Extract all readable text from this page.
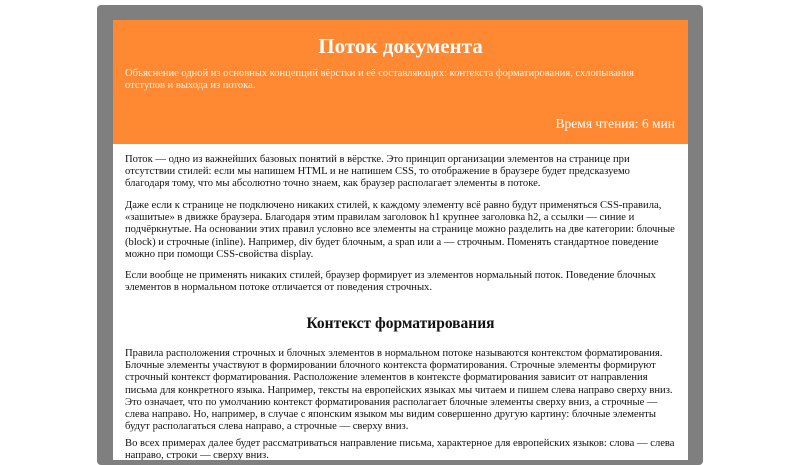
Поток документа

Объяснение одной из основных концепций вёрстки и её составляющих: контекста форматирования, схлопывания отступов и выхода из потока.

Время чтения: 6 мин

Поток — одно из важнейших базовых понятий в вёрстке. Это принцип организации элементов на странице при отсутствии стилей: если мы напишем HTML и не напишем CSS, то отображение в браузере будет предсказуемо благодаря тому, что мы абсолютно точно знаем, как браузер располагает элементы в потоке.

Даже если к странице не подключено никаких стилей, к каждому элементу всё равно будут применяться CSS-правила, «зашитые» в движке браузера. Благодаря этим правилам заголовок h1 крупнее заголовка h2, а ссылки — синие и подчёркнутые. На основании этих правил условно все элементы на странице можно разделить на две категории: блочные (block) и строчные (inline). Например, div будет блочным, а span или a — строчным. Поменять стандартное поведение можно при помощи CSS-свойства display.

Если вообще не применять никаких стилей, браузер формирует из элементов нормальный поток. Поведение блочных элементов в нормальном потоке отличается от поведения строчных.

Контекст форматирования

Правила расположения строчных и блочных элементов в нормальном потоке называются контекстом форматирования. Блочные элементы участвуют в формировании блочного контекста форматирования. Строчные элементы формируют строчный контекст форматирования. Расположение элементов в контексте форматирования зависит от направления письма для конкретного языка. Например, тексты на европейских языках мы читаем и пишем слева направо сверху вниз. Это означает, что по умолчанию контекст форматирования располагает блочные элементы сверху вниз, а строчные — слева направо. Но, например, в случае с японским языком мы видим совершенно другую картину: блочные элементы будут располагаться слева направо, а строчные — сверху вниз.

Во всех примерах далее будет рассматриваться направление письма, характерное для европейских языков: слова — слева направо, строки — сверху вниз.
